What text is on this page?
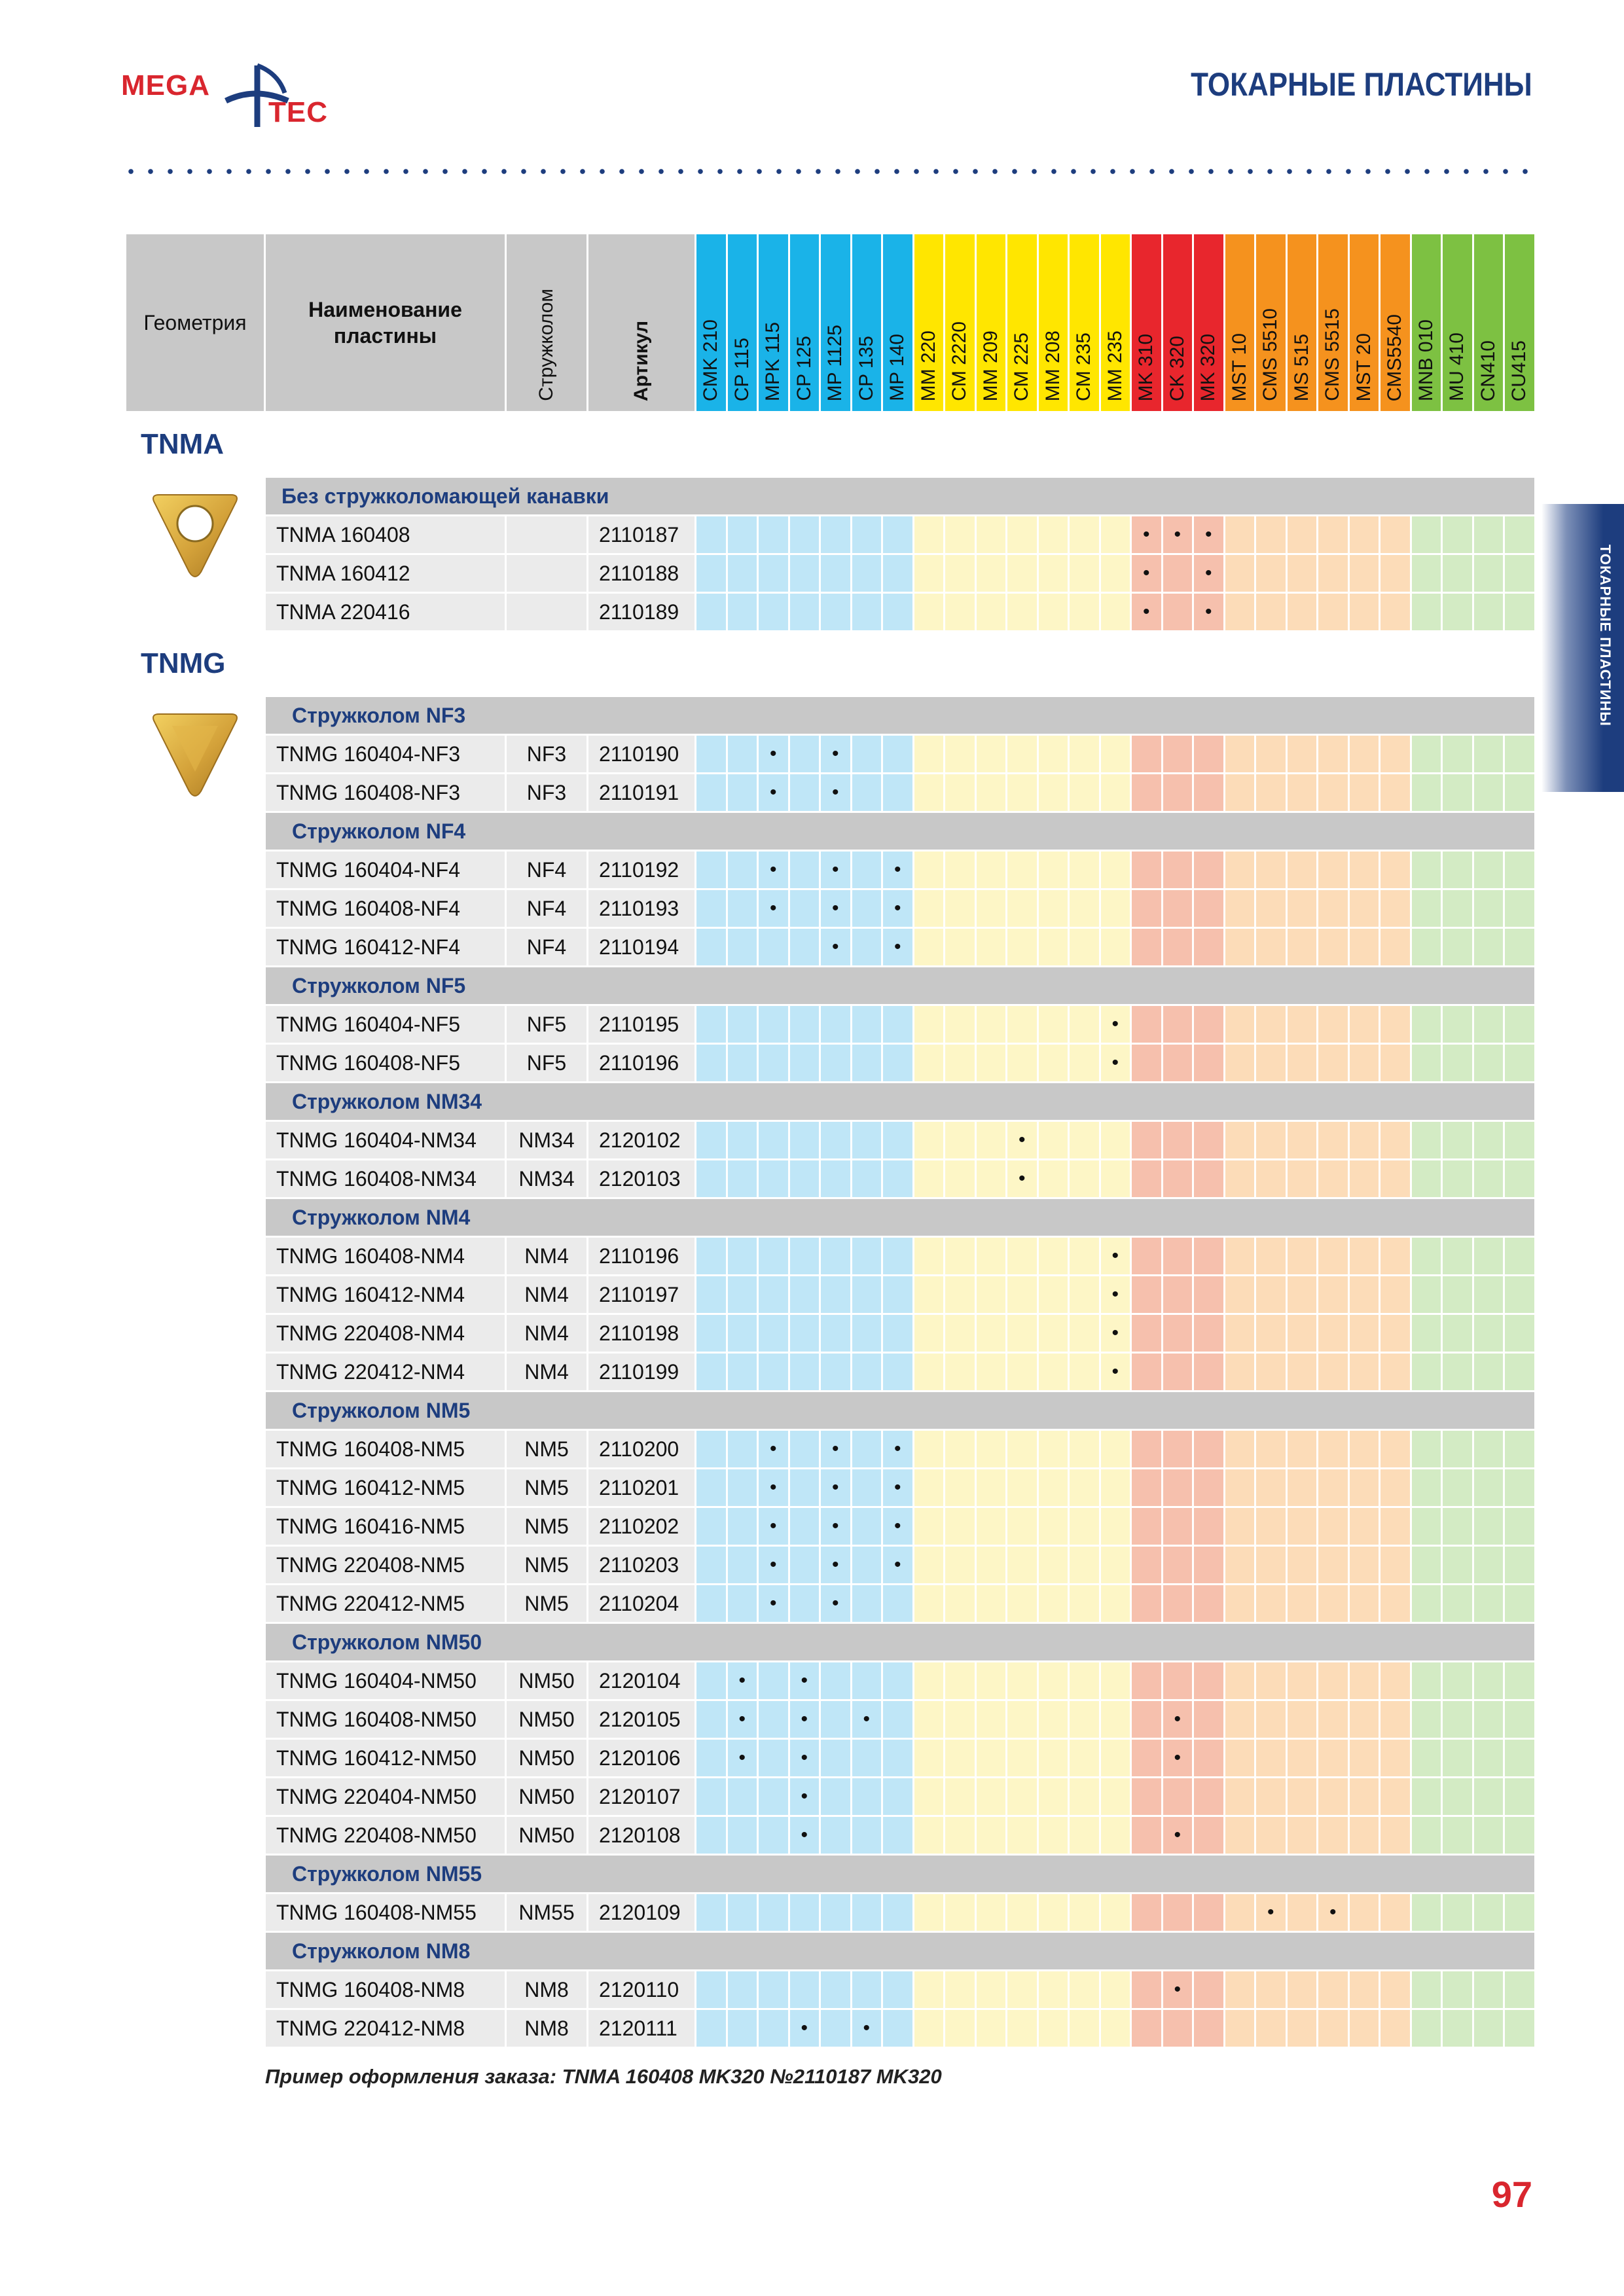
MEGA
TEC
ТОКАРНЫЕ ПЛАСТИНЫ
ТОКАРНЫЕ ПЛАСТИНЫ
Геометрия	Наименование пластины	Стружколом	Артикул	CMK 210	CP 115	MPK 115	CP 125	MP 1125	CP 135	MP 140	MM 220	CM 2220	MM 209	CM 225	MM 208	CM 235	MM 235	MK 310	CK 320	MK 320	MST 10	CMS 5510	MS 515	CMS 5515	MST 20	CMS5540	MNB 010	MU 410	CN410	CU415
TNMA																														
	Без стружколомающей канавки																													
	TNMA 160408		2110187															•	•	•										
	TNMA 160412		2110188															•		•										
	TNMA 220416		2110189															•		•										
TNMG																														
	Стружколом NF3																													
	TNMG 160404-NF3	NF3	2110190			•		•																						
	TNMG 160408-NF3	NF3	2110191			•		•																						
	Стружколом NF4																													
	TNMG 160404-NF4	NF4	2110192			•		•		•																				
	TNMG 160408-NF4	NF4	2110193			•		•		•																				
	TNMG 160412-NF4	NF4	2110194					•		•																				
	Стружколом NF5																													
	TNMG 160404-NF5	NF5	2110195														•													
	TNMG 160408-NF5	NF5	2110196														•													
	Стружколом NM34																													
	TNMG 160404-NM34	NM34	2120102											•																
	TNMG 160408-NM34	NM34	2120103											•																
	Стружколом NM4																													
	TNMG 160408-NM4	NM4	2110196														•													
	TNMG 160412-NM4	NM4	2110197														•													
	TNMG 220408-NM4	NM4	2110198														•													
	TNMG 220412-NM4	NM4	2110199														•													
	Стружколом NM5																													
	TNMG 160408-NM5	NM5	2110200			•		•		•																				
	TNMG 160412-NM5	NM5	2110201			•		•		•																				
	TNMG 160416-NM5	NM5	2110202			•		•		•																				
	TNMG 220408-NM5	NM5	2110203			•		•		•																				
	TNMG 220412-NM5	NM5	2110204			•		•																						
	Стружколом NM50																													
	TNMG 160404-NM50	NM50	2120104		•		•																							
	TNMG 160408-NM50	NM50	2120105		•		•		•										•											
	TNMG 160412-NM50	NM50	2120106		•		•												•											
	TNMG 220404-NM50	NM50	2120107				•																							
	TNMG 220408-NM50	NM50	2120108				•												•											
	Стружколом NM55																													
	TNMG 160408-NM55	NM55	2120109																			•		•						
	Стружколом NM8																													
	TNMG 160408-NM8	NM8	2120110																•											
	TNMG 220412-NM8	NM8	2120111				•		•																					
Пример оформления заказа: TNMA 160408 MK320 №2110187 MK320
97
